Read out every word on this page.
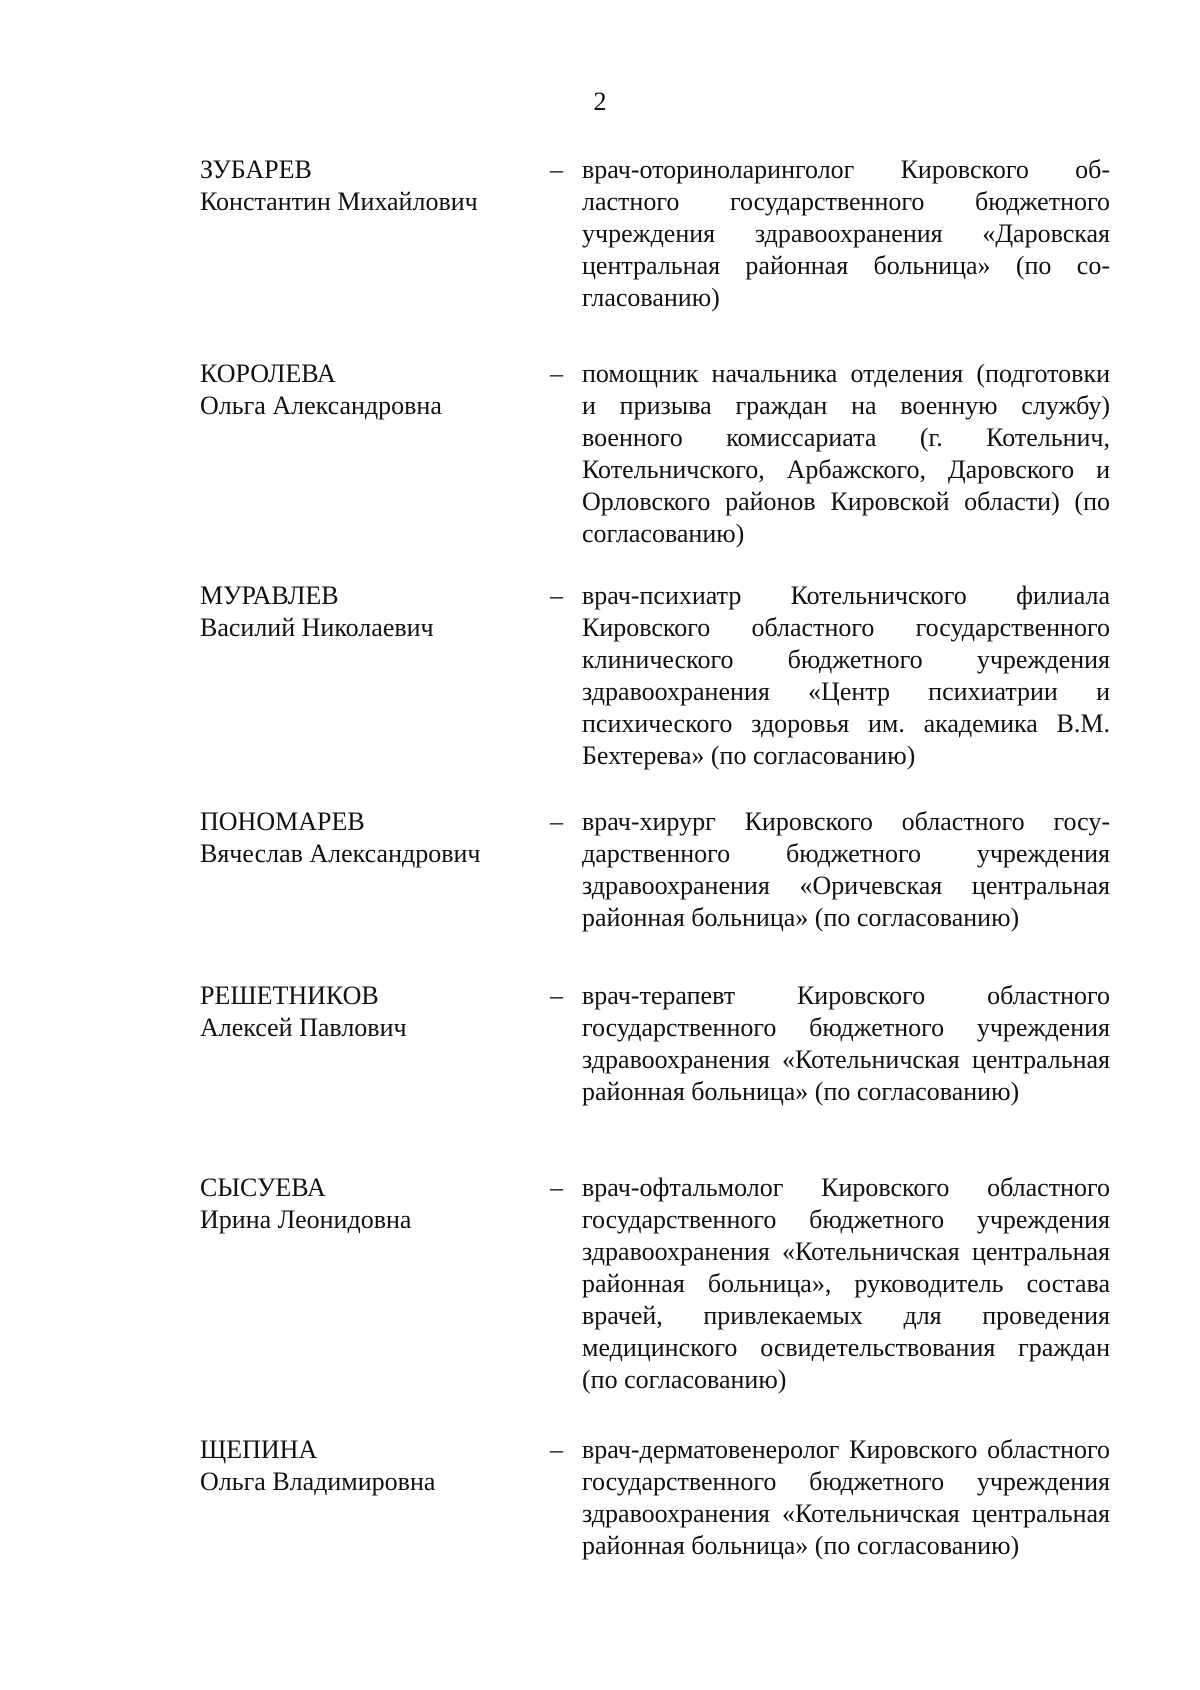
2
ЗУБАРЕВ
Константин Михайлович
– врач-оториноларинголог Кировского областного государственного бюджетного учреждения здравоохранения «Даровская центральная районная больница» (по согласованию)
КОРОЛЕВА
Ольга Александровна
– помощник начальника отделения (подготовки и призыва граждан на военную службу) военного комиссариата (г. Котельнич, Котельничского, Арбажского, Даровского и Орловского районов Кировской области) (по согласованию)
МУРАВЛЕВ
Василий Николаевич
– врач-психиатр Котельничского филиала Кировского областного государственного клинического бюджетного учреждения здравоохранения «Центр психиатрии и психического здоровья им. академика В.М. Бехтерева» (по согласованию)
ПОНОМАРЕВ
Вячеслав Александрович
– врач-хирург Кировского областного государственного бюджетного учреждения здравоохранения «Оричевская центральная районная больница» (по согласованию)
РЕШЕТНИКОВ
Алексей Павлович
– врач-терапевт Кировского областного государственного бюджетного учреждения здравоохранения «Котельничская центральная районная больница» (по согласованию)
СЫСУЕВА
Ирина Леонидовна
– врач-офтальмолог Кировского областного государственного бюджетного учреждения здравоохранения «Котельничская центральная районная больница», руководитель состава врачей, привлекаемых для проведения медицинского освидетельствования граждан (по согласованию)
ЩЕПИНА
Ольга Владимировна
– врач-дерматовенеролог Кировского областного государственного бюджетного учреждения здравоохранения «Котельничская центральная районная больница» (по согласованию)
